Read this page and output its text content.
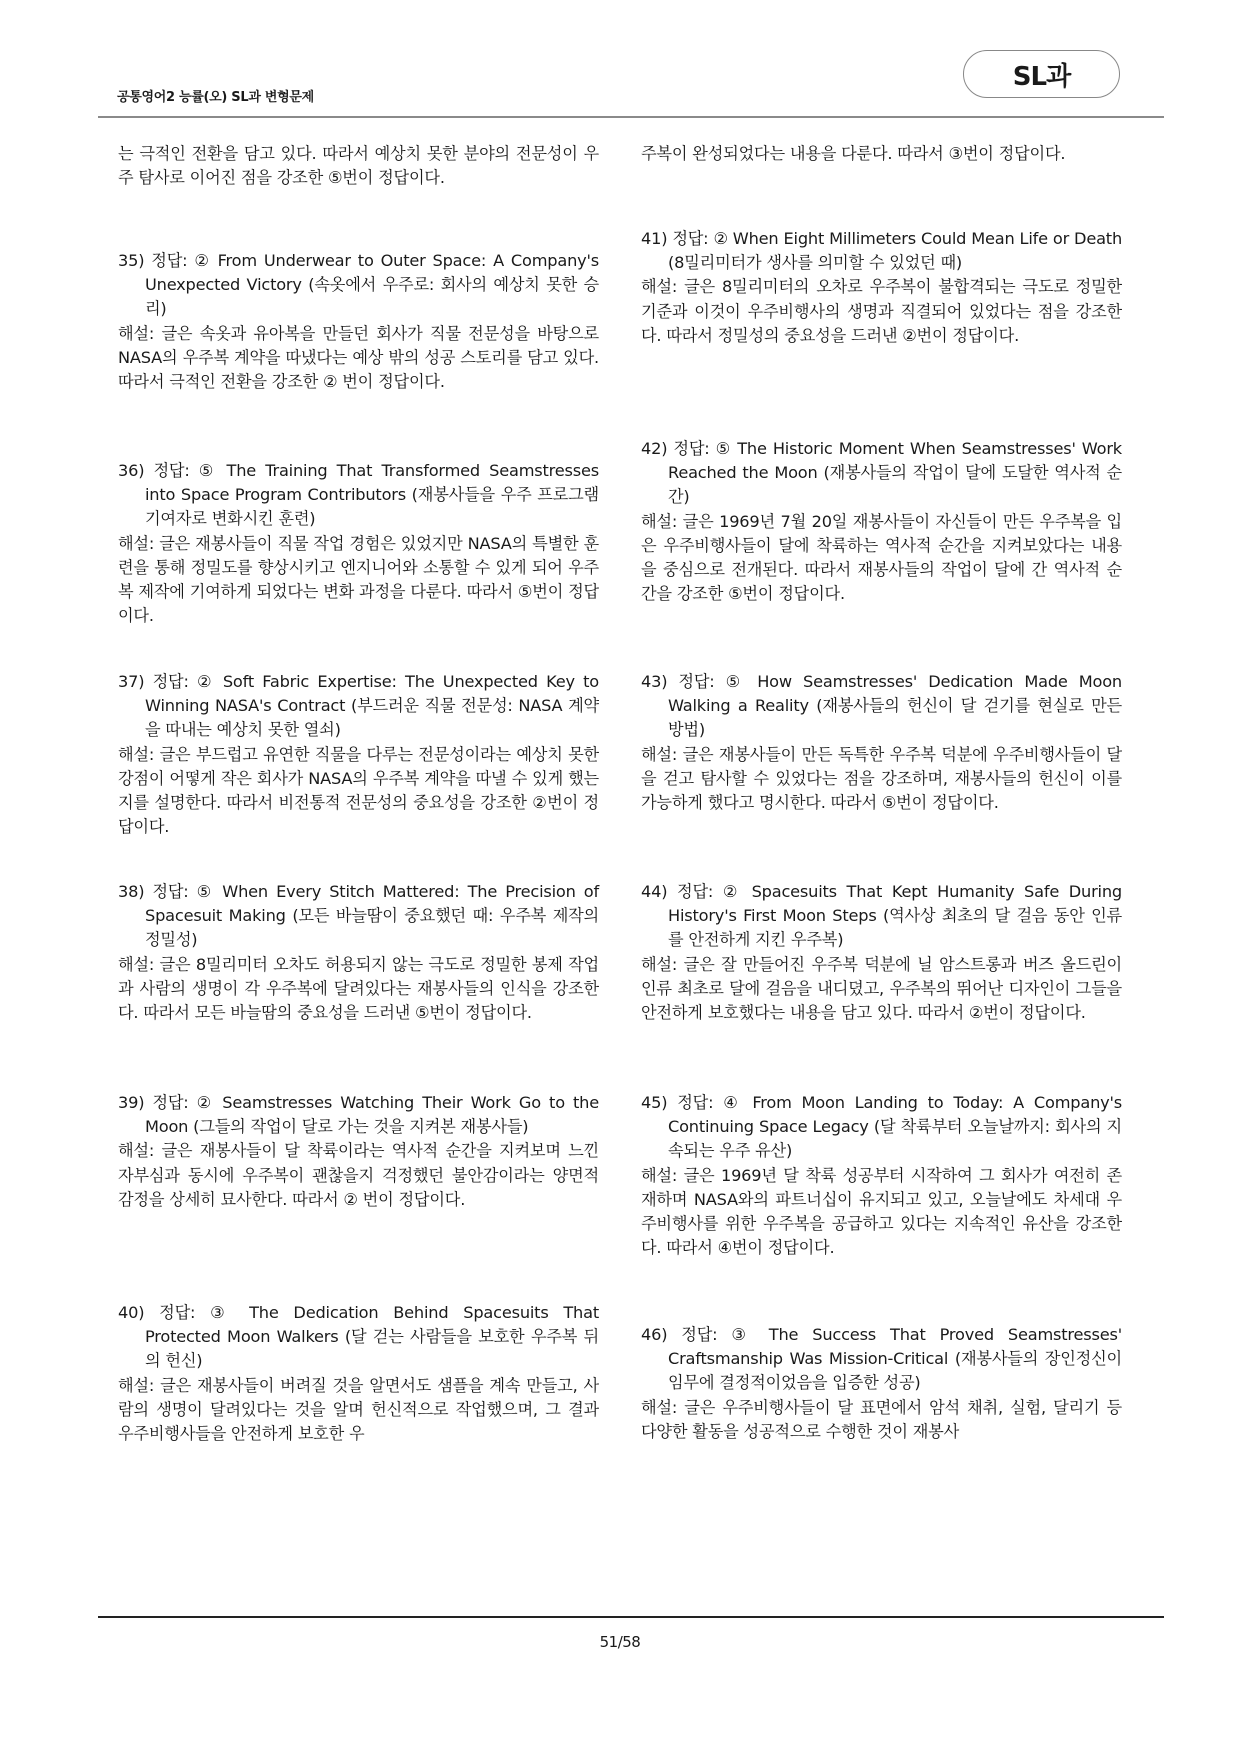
공통영어2 능률(오) SL과 변형문제
SL과

는 극적인 전환을 담고 있다. 따라서 예상치 못한 분야의 전문성이 우주 탐사로 이어진 점을 강조한 ⑤번이 정답이다.

35) 정답: ② From Underwear to Outer Space: A Company's Unexpected Victory (속옷에서 우주로: 회사의 예상치 못한 승리)

해설: 글은 속옷과 유아복을 만들던 회사가 직물 전문성을 바탕으로 NASA의 우주복 계약을 따냈다는 예상 밖의 성공 스토리를 담고 있다. 따라서 극적인 전환을 강조한 ② 번이 정답이다.

36) 정답: ⑤ The Training That Transformed Seamstresses into Space Program Contributors (재봉사들을 우주 프로그램 기여자로 변화시킨 훈련)

해설: 글은 재봉사들이 직물 작업 경험은 있었지만 NASA의 특별한 훈련을 통해 정밀도를 향상시키고 엔지니어와 소통할 수 있게 되어 우주복 제작에 기여하게 되었다는 변화 과정을 다룬다. 따라서 ⑤번이 정답이다.

37) 정답: ② Soft Fabric Expertise: The Unexpected Key to Winning NASA's Contract (부드러운 직물 전문성: NASA 계약을 따내는 예상치 못한 열쇠)

해설: 글은 부드럽고 유연한 직물을 다루는 전문성이라는 예상치 못한 강점이 어떻게 작은 회사가 NASA의 우주복 계약을 따낼 수 있게 했는지를 설명한다. 따라서 비전통적 전문성의 중요성을 강조한 ②번이 정답이다.

38) 정답: ⑤ When Every Stitch Mattered: The Precision of Spacesuit Making (모든 바늘땀이 중요했던 때: 우주복 제작의 정밀성)

해설: 글은 8밀리미터 오차도 허용되지 않는 극도로 정밀한 봉제 작업과 사람의 생명이 각 우주복에 달려있다는 재봉사들의 인식을 강조한다. 따라서 모든 바늘땀의 중요성을 드러낸 ⑤번이 정답이다.

39) 정답: ② Seamstresses Watching Their Work Go to the Moon (그들의 작업이 달로 가는 것을 지켜본 재봉사들)

해설: 글은 재봉사들이 달 착륙이라는 역사적 순간을 지켜보며 느낀 자부심과 동시에 우주복이 괜찮을지 걱정했던 불안감이라는 양면적 감정을 상세히 묘사한다. 따라서 ② 번이 정답이다.

40) 정답: ③ The Dedication Behind Spacesuits That Protected Moon Walkers (달 걷는 사람들을 보호한 우주복 뒤의 헌신)

해설: 글은 재봉사들이 버려질 것을 알면서도 샘플을 계속 만들고, 사람의 생명이 달려있다는 것을 알며 헌신적으로 작업했으며, 그 결과 우주비행사들을 안전하게 보호한 우

주복이 완성되었다는 내용을 다룬다. 따라서 ③번이 정답이다.

41) 정답: ② When Eight Millimeters Could Mean Life or Death (8밀리미터가 생사를 의미할 수 있었던 때)

해설: 글은 8밀리미터의 오차로 우주복이 불합격되는 극도로 정밀한 기준과 이것이 우주비행사의 생명과 직결되어 있었다는 점을 강조한다. 따라서 정밀성의 중요성을 드러낸 ②번이 정답이다.

42) 정답: ⑤ The Historic Moment When Seamstresses' Work Reached the Moon (재봉사들의 작업이 달에 도달한 역사적 순간)

해설: 글은 1969년 7월 20일 재봉사들이 자신들이 만든 우주복을 입은 우주비행사들이 달에 착륙하는 역사적 순간을 지켜보았다는 내용을 중심으로 전개된다. 따라서 재봉사들의 작업이 달에 간 역사적 순간을 강조한 ⑤번이 정답이다.

43) 정답: ⑤ How Seamstresses' Dedication Made Moon Walking a Reality (재봉사들의 헌신이 달 걷기를 현실로 만든 방법)

해설: 글은 재봉사들이 만든 독특한 우주복 덕분에 우주비행사들이 달을 걷고 탐사할 수 있었다는 점을 강조하며, 재봉사들의 헌신이 이를 가능하게 했다고 명시한다. 따라서 ⑤번이 정답이다.

44) 정답: ② Spacesuits That Kept Humanity Safe During History's First Moon Steps (역사상 최초의 달 걸음 동안 인류를 안전하게 지킨 우주복)

해설: 글은 잘 만들어진 우주복 덕분에 닐 암스트롱과 버즈 올드린이 인류 최초로 달에 걸음을 내디뎠고, 우주복의 뛰어난 디자인이 그들을 안전하게 보호했다는 내용을 담고 있다. 따라서 ②번이 정답이다.

45) 정답: ④ From Moon Landing to Today: A Company's Continuing Space Legacy (달 착륙부터 오늘날까지: 회사의 지속되는 우주 유산)

해설: 글은 1969년 달 착륙 성공부터 시작하여 그 회사가 여전히 존재하며 NASA와의 파트너십이 유지되고 있고, 오늘날에도 차세대 우주비행사를 위한 우주복을 공급하고 있다는 지속적인 유산을 강조한다. 따라서 ④번이 정답이다.

46) 정답: ③ The Success That Proved Seamstresses' Craftsmanship Was Mission-Critical (재봉사들의 장인정신이 임무에 결정적이었음을 입증한 성공)

해설: 글은 우주비행사들이 달 표면에서 암석 채취, 실험, 달리기 등 다양한 활동을 성공적으로 수행한 것이 재봉사

51/58
